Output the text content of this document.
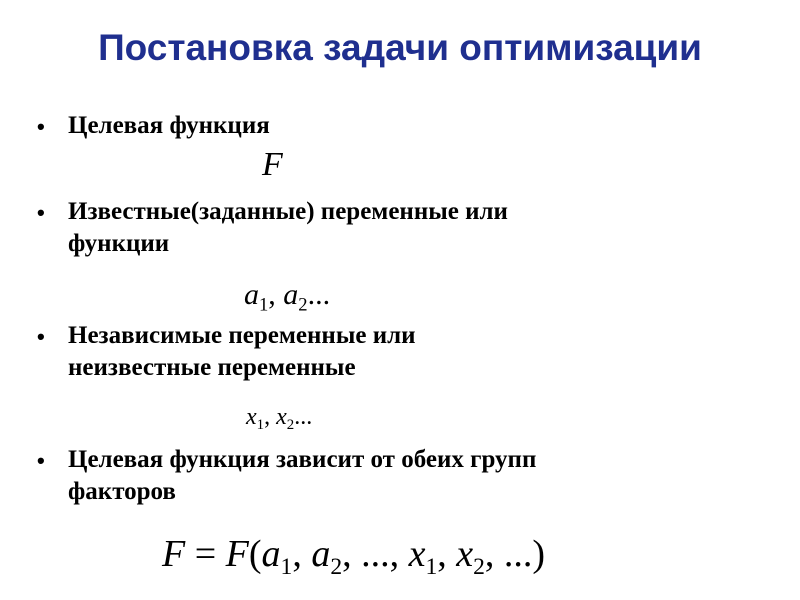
Постановка задачи оптимизации
• Целевая функция
F
• Известные(заданные) переменные или
функции
$a_1$, $a_2$...
• Независимые переменные или
неизвестные переменные
$x_1$, $x_2$...
• Целевая функция зависит от обеих групп
факторов
$F = F(a_1$, $a_2$, ..., $x_1$, $x_2$, ...)
